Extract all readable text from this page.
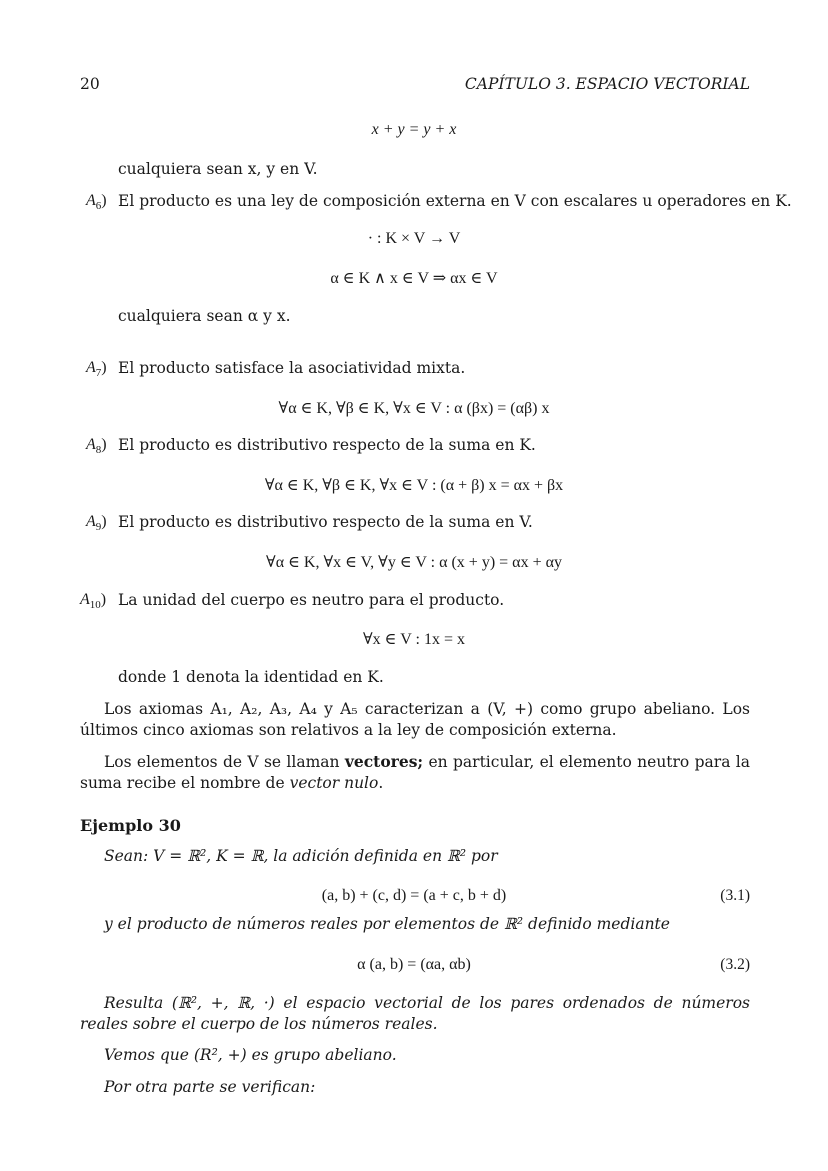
20	CAPÍTULO 3. ESPACIO VECTORIAL
x + y = y + x
cualquiera sean x, y en V.
$A_6$) El producto es una ley de composición externa en V con escalares u operadores en K.
· : K × V → V
α ∈ K ∧ x ∈ V ⇒ αx ∈ V
cualquiera sean α y x.
$A_7$) El producto satisface la asociatividad mixta.
∀α ∈ K, ∀β ∈ K, ∀x ∈ V : α (βx) = (αβ) x
$A_8$) El producto es distributivo respecto de la suma en K.
∀α ∈ K, ∀β ∈ K, ∀x ∈ V : (α + β) x = αx + βx
$A_9$) El producto es distributivo respecto de la suma en V.
∀α ∈ K, ∀x ∈ V, ∀y ∈ V : α (x + y) = αx + αy
$A_{10}$) La unidad del cuerpo es neutro para el producto.
∀x ∈ V : 1x = x
donde 1 denota la identidad en K.
Los axiomas A₁, A₂, A₃, A₄ y A₅ caracterizan a (V, +) como grupo abeliano. Los últimos cinco axiomas son relativos a la ley de composición externa.
Los elementos de V se llaman vectores; en particular, el elemento neutro para la suma recibe el nombre de vector nulo.
Ejemplo 30
Sean: V = ℝ², K = ℝ, la adición definida en ℝ² por
(a, b) + (c, d) = (a + c, b + d)	(3.1)
y el producto de números reales por elementos de ℝ² definido mediante
α (a, b) = (αa, αb)	(3.2)
Resulta (ℝ², +, ℝ, ·) el espacio vectorial de los pares ordenados de números reales sobre el cuerpo de los números reales.
Vemos que (R², +) es grupo abeliano.
Por otra parte se verifican:
